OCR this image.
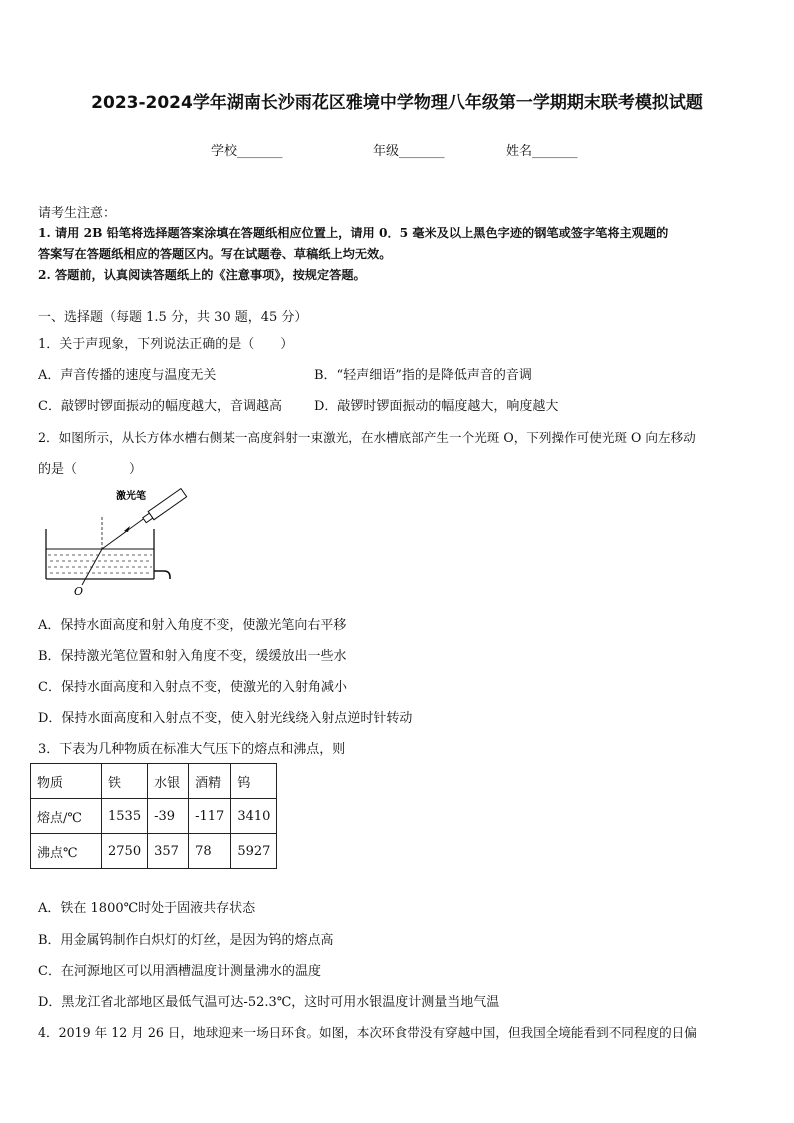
2023-2024学年湖南长沙雨花区雅境中学物理八年级第一学期期末联考模拟试题
学校_______	年级_______	姓名_______
请考生注意：
1. 请用 2B 铅笔将选择题答案涂填在答题纸相应位置上，请用 0．5 毫米及以上黑色字迹的钢笔或签字笔将主观题的
答案写在答题纸相应的答题区内。写在试题卷、草稿纸上均无效。
2. 答题前，认真阅读答题纸上的《注意事项》，按规定答题。
一、选择题（每题 1.5 分，共 30 题，45 分）
1．关于声现象，下列说法正确的是（　　）
A．声音传播的速度与温度无关	B．“轻声细语”指的是降低声音的音调
C．敲锣时锣面振动的幅度越大，音调越高 D．敲锣时锣面振动的幅度越大，响度越大
2．如图所示，从长方体水槽右侧某一高度斜射一束激光，在水槽底部产生一个光斑 O，下列操作可使光斑 O 向左移动
的是（　　　　）
激光笔
O
A．保持水面高度和射入角度不变，使激光笔向右平移
B．保持激光笔位置和射入角度不变，缓缓放出一些水
C．保持水面高度和入射点不变，使激光的入射角减小
D．保持水面高度和入射点不变，使入射光线绕入射点逆时针转动
3．下表为几种物质在标准大气压下的熔点和沸点，则
物质	铁	水银	酒精	钨
熔点/℃	1535	-39	-117	3410
沸点℃	2750	357	78	5927
A．铁在 1800℃时处于固液共存状态
B．用金属钨制作白炽灯的灯丝，是因为钨的熔点高
C．在河源地区可以用酒槽温度计测量沸水的温度
D．黑龙江省北部地区最低气温可达-52.3℃，这时可用水银温度计测量当地气温
4．2019 年 12 月 26 日，地球迎来一场日环食。如图，本次环食带没有穿越中国，但我国全境能看到不同程度的日偏
